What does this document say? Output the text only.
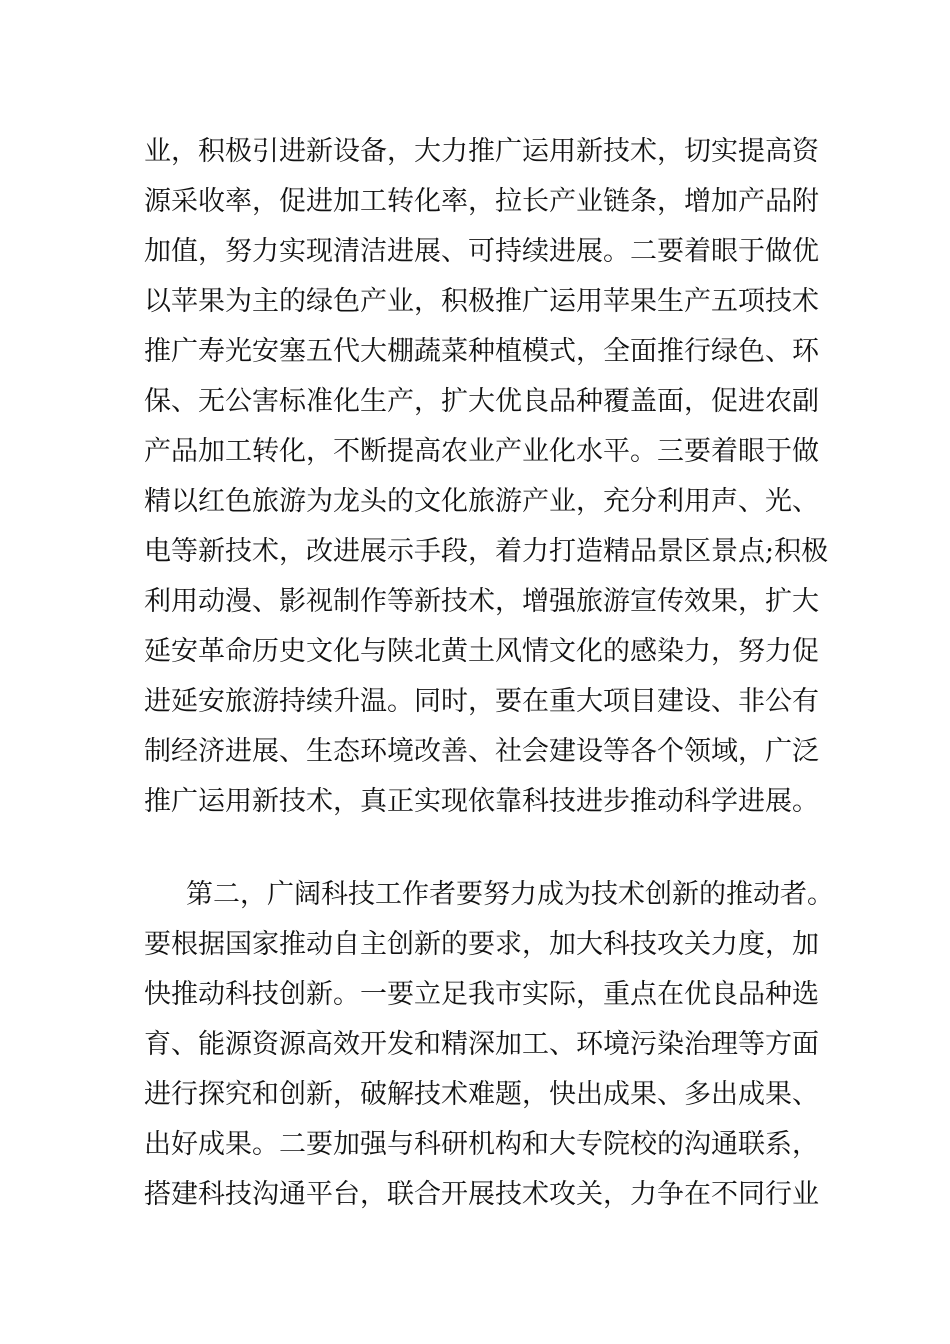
业，积极引进新设备，大力推广运用新技术，切实提高资
源采收率，促进加工转化率，拉长产业链条，增加产品附
加值，努力实现清洁进展、可持续进展。二要着眼于做优
以苹果为主的绿色产业，积极推广运用苹果生产五项技术
推广寿光安塞五代大棚蔬菜种植模式，全面推行绿色、环
保、无公害标准化生产，扩大优良品种覆盖面，促进农副
产品加工转化，不断提高农业产业化水平。三要着眼于做
精以红色旅游为龙头的文化旅游产业，充分利用声、光、
电等新技术，改进展示手段，着力打造精品景区景点;积极
利用动漫、影视制作等新技术，增强旅游宣传效果，扩大
延安革命历史文化与陕北黄土风情文化的感染力，努力促
进延安旅游持续升温。同时，要在重大项目建设、非公有
制经济进展、生态环境改善、社会建设等各个领域，广泛
推广运用新技术，真正实现依靠科技进步推动科学进展。
第二，广阔科技工作者要努力成为技术创新的推动者。
要根据国家推动自主创新的要求，加大科技攻关力度，加
快推动科技创新。一要立足我市实际，重点在优良品种选
育、能源资源高效开发和精深加工、环境污染治理等方面
进行探究和创新，破解技术难题，快出成果、多出成果、
出好成果。二要加强与科研机构和大专院校的沟通联系，
搭建科技沟通平台，联合开展技术攻关，力争在不同行业
